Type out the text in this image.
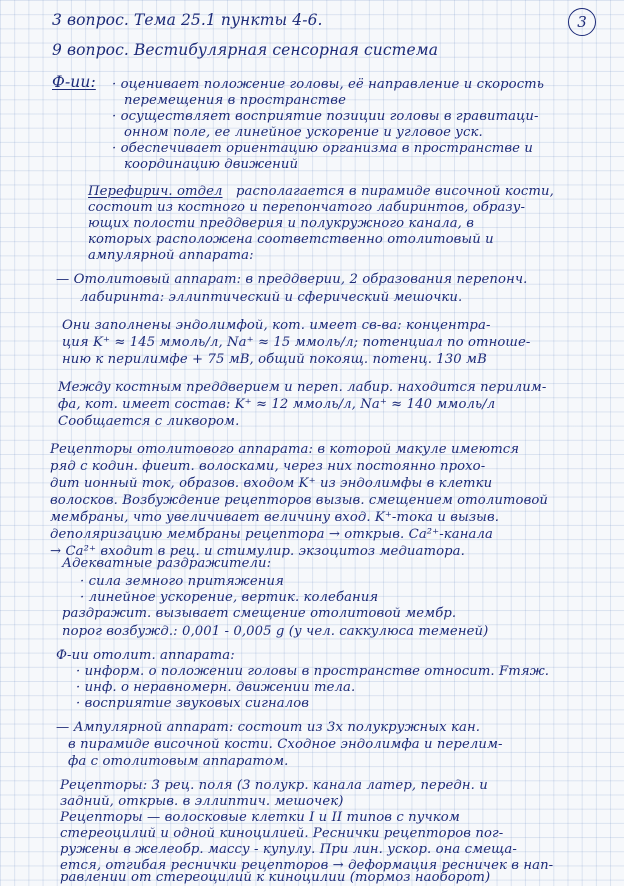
3
3 вопрос. Тема 25.1 пункты 4-6.
9 вопрос. Вестибулярная сенсорная система
Ф-ии: · оценивает положение головы, её направление и скорость
перемещения в пространстве
· осуществляет восприятие позиции головы в гравитаци-
онном поле, ее линейное ускорение и угловое уск.
· обеспечивает ориентацию организма в пространстве и
координацию движений
Перефирич. отдел располагается в пирамиде височной кости,
состоит из костного и перепончатого лабиринтов, образу-
ющих полости преддверия и полукружного канала, в
которых расположена соответственно отолитовый и
ампулярной аппарата:
— Отолитовый аппарат: в преддверии, 2 образования перепонч.
лабиринта: эллиптический и сферический мешочки.
Они заполнены эндолимфой, кот. имеет св-ва: концентра-
ция K⁺ ≈ 145 ммоль/л, Na⁺ ≈ 15 ммоль/л; потенциал по отноше-
нию к перилимфе + 75 мВ, общий покоящ. потенц. 130 мВ
Между костным преддверием и переп. лабир. находится перилим-
фа, кот. имеет состав: K⁺ ≈ 12 ммоль/л, Na⁺ ≈ 140 ммоль/л
Сообщается с ликвором.
Рецепторы отолитового аппарата: в которой макуле имеются
ряд с кодин. фиеит. волосками, через них постоянно прохо-
дит ионный ток, образов. входом K⁺ из эндолимфы в клетки
волосков. Возбуждение рецепторов вызыв. смещением отолитовой
мембраны, что увеличивает величину вход. K⁺-тока и вызыв.
деполяризацию мембраны рецептора → открыв. Ca²⁺-канала
→ Ca²⁺ входит в рец. и стимулир. экзоцитоз медиатора.
Адекватные раздражители:
· сила земного притяжения
· линейное ускорение, вертик. колебания
раздражит. вызывает смещение отолитовой мембр.
порог возбужд.: 0,001 - 0,005 g (у чел. саккулюса теменей)
Ф-ии отолит. аппарата:
· информ. о положении головы в пространстве относит. Fтяж.
· инф. о неравномерн. движении тела.
· восприятие звуковых сигналов
— Ампулярной аппарат: состоит из 3х полукружных кан.
в пирамиде височной кости. Сходное эндолимфа и перелим-
фа с отолитовым аппаратом.
Рецепторы: 3 рец. поля (3 полукр. канала латер, передн. и
задний, открыв. в эллиптич. мешочек)
Рецепторы — волосковые клетки I и II типов с пучком
стереоцилий и одной киноцилией. Реснички рецепторов пог-
ружены в желеобр. массу - купулу. При лин. ускор. она смеща-
ется, отгибая реснички рецепторов → деформация ресничек в нап-
равлении от стереоцилий к киноцилии (тормоз наоборот)
